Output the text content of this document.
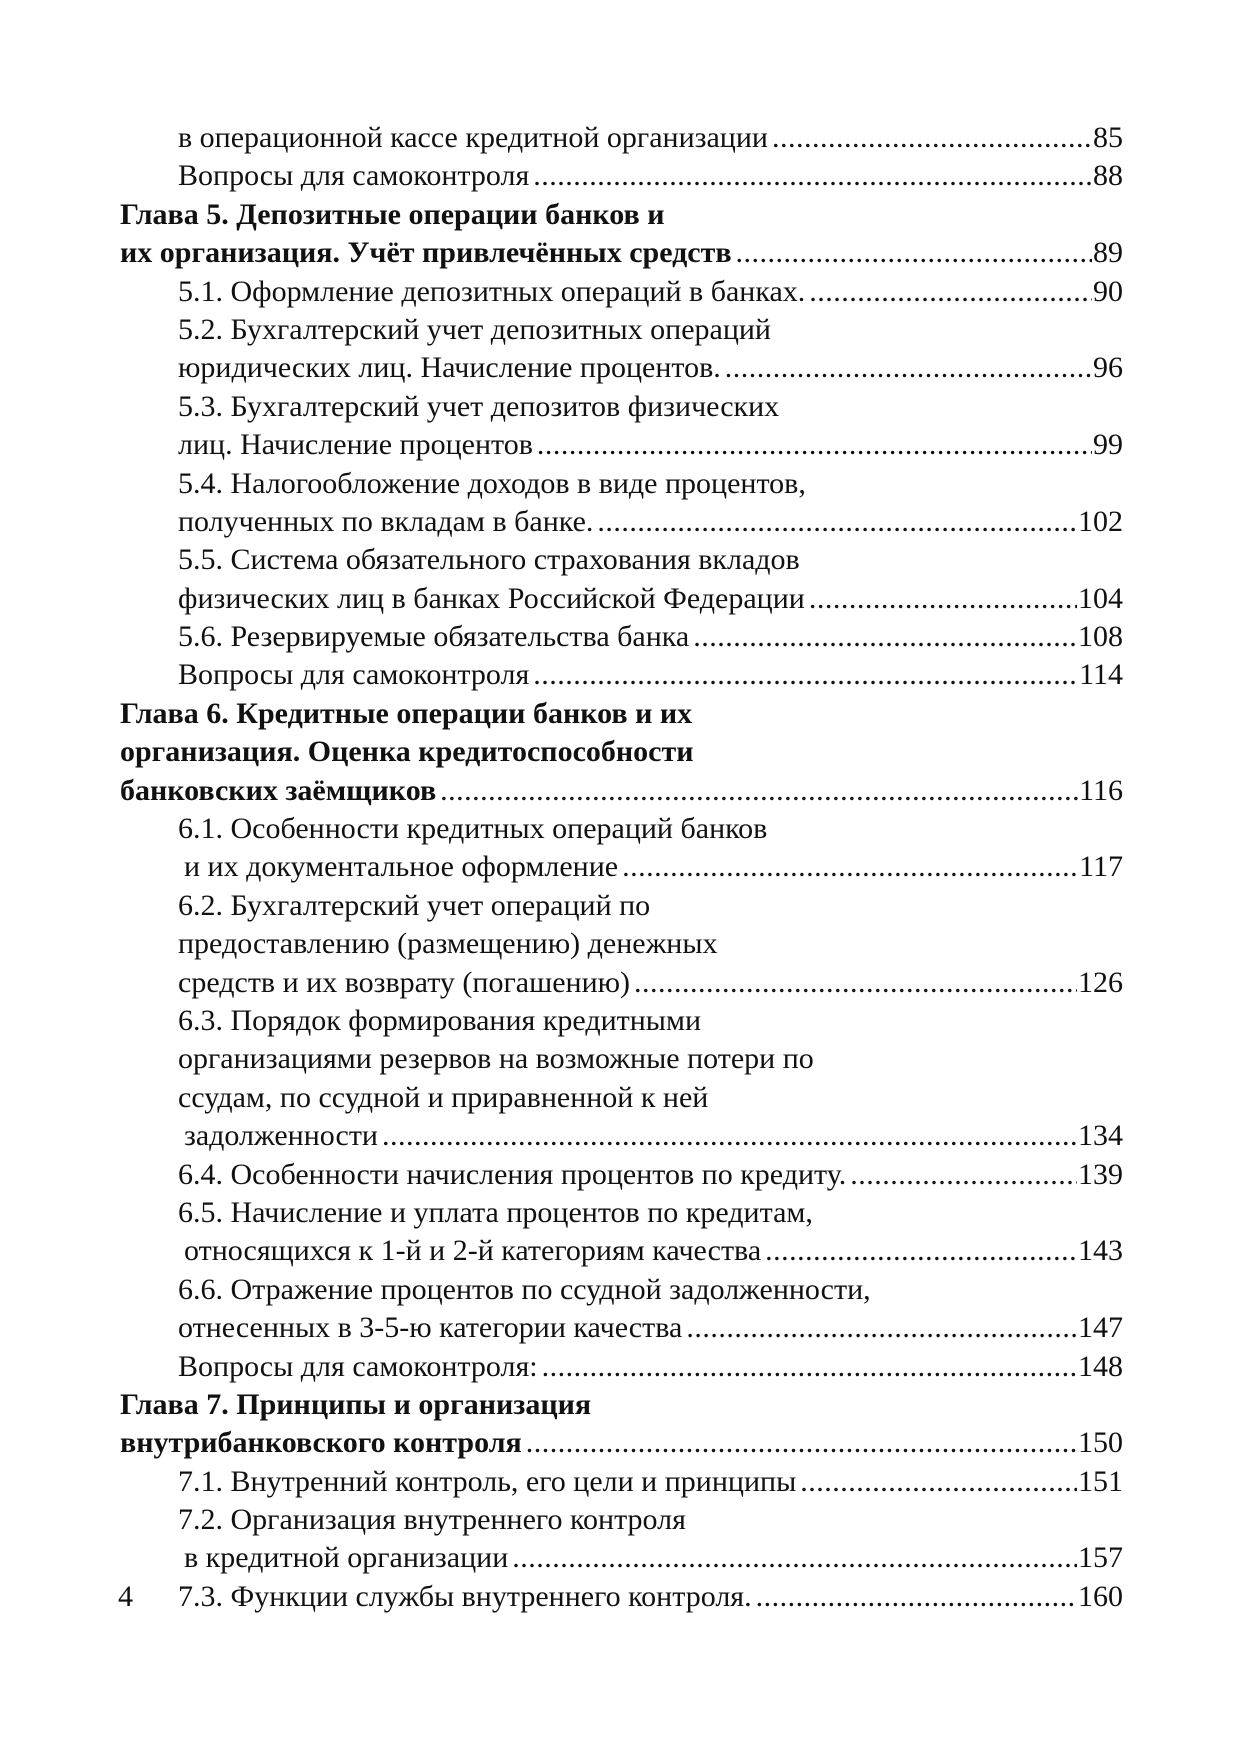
в операционной кассе кредитной организации .....	85
Вопросы для самоконтроля .....	88
Глава 5. Депозитные операции банков и
их организация. Учёт привлечённых средств .....	89
5.1. Оформление депозитных операций в банках. .....	90
5.2. Бухгалтерский учет депозитных операций
юридических лиц. Начисление процентов. .....	96
5.3. Бухгалтерский учет депозитов физических
лиц. Начисление процентов .....	99
5.4. Налогообложение доходов в виде процентов,
полученных по вкладам в банке. .....	102
5.5. Система обязательного страхования вкладов
физических лиц в банках Российской Федерации .....	104
5.6. Резервируемые обязательства банка .....	108
Вопросы для самоконтроля .....	114
Глава 6. Кредитные операции банков и их
организация. Оценка кредитоспособности
банковских заёмщиков .....	116
6.1. Особенности кредитных операций банков
и их документальное оформление .....	117
6.2. Бухгалтерский учет операций по
предоставлению (размещению) денежных
средств и их возврату (погашению) .....	126
6.3. Порядок формирования кредитными
организациями резервов на возможные потери по
ссудам, по ссудной и приравненной к ней
задолженности .....	134
6.4. Особенности начисления процентов по кредиту. .....	139
6.5. Начисление и уплата процентов по кредитам,
относящихся к 1-й и 2-й категориям качества .....	143
6.6. Отражение процентов по ссудной задолженности,
отнесенных в 3-5-ю категории качества .....	147
Вопросы для самоконтроля: .....	148
Глава 7. Принципы и организация
внутрибанковского контроля .....	150
7.1. Внутренний контроль, его цели и принципы .....	151
7.2. Организация внутреннего контроля
в кредитной организации .....	157
7.3. Функции службы внутреннего контроля. .....	160
4
